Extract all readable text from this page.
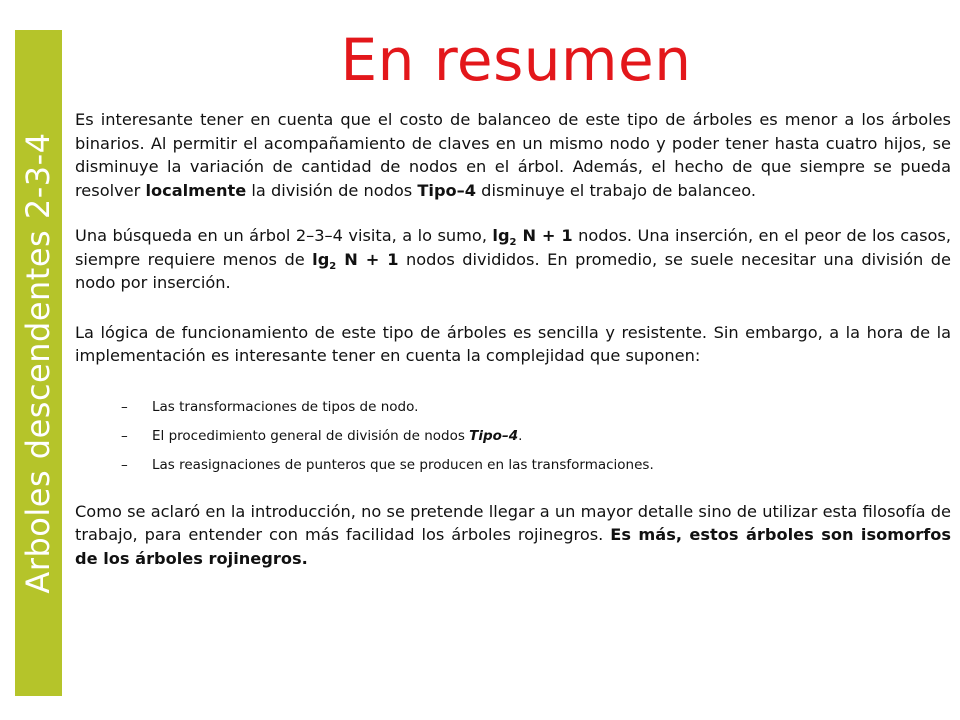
Arboles descendentes 2-3-4
En resumen

Es interesante tener en cuenta que el costo de balanceo de este tipo de árboles es menor a los árboles binarios. Al permitir el acompañamiento de claves en un mismo nodo y poder tener hasta cuatro hijos, se disminuye la variación de cantidad de nodos en el árbol. Además, el hecho de que siempre se pueda resolver localmente la división de nodos Tipo–4 disminuye el trabajo de balanceo.

Una búsqueda en un árbol 2–3–4 visita, a lo sumo, $\lg_2 N + 1$ nodos. Una inserción, en el peor de los casos, siempre requiere menos de $\lg_2 N + 1$ nodos divididos. En promedio, se suele necesitar una división de nodo por inserción.

La lógica de funcionamiento de este tipo de árboles es sencilla y resistente. Sin embargo, a la hora de la implementación es interesante tener en cuenta la complejidad que suponen:

– Las transformaciones de tipos de nodo.
– El procedimiento general de división de nodos Tipo–4.
– Las reasignaciones de punteros que se producen en las transformaciones.

Como se aclaró en la introducción, no se pretende llegar a un mayor detalle sino de utilizar esta filosofía de trabajo, para entender con más facilidad los árboles rojinegros. Es más, estos árboles son isomorfos de los árboles rojinegros.
